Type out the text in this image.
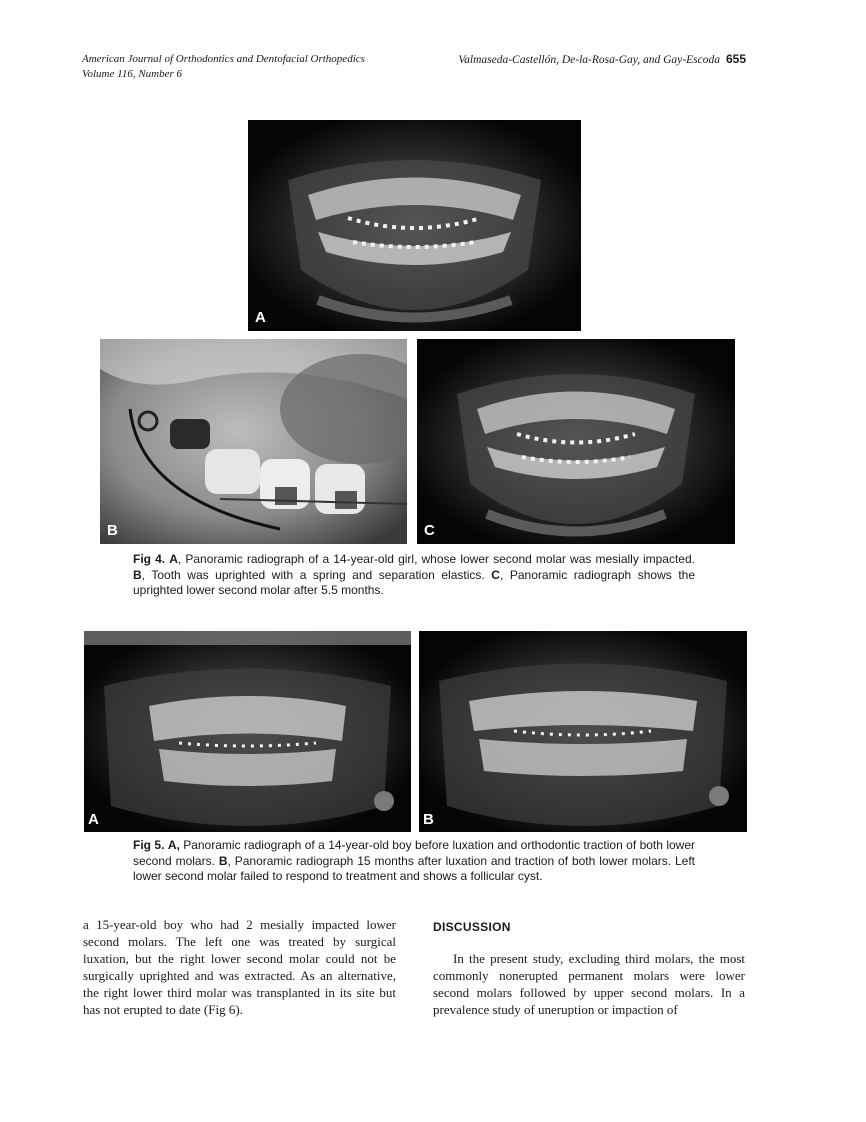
American Journal of Orthodontics and Dentofacial Orthopedics
Volume 116, Number 6
Valmaseda-Castellón, De-la-Rosa-Gay, and Gay-Escoda 655
A
B	C
Fig 4. A, Panoramic radiograph of a 14-year-old girl, whose lower second molar was mesially impacted. B, Tooth was uprighted with a spring and separation elastics. C, Panoramic radiograph shows the uprighted lower second molar after 5.5 months.
A	B
Fig 5. A, Panoramic radiograph of a 14-year-old boy before luxation and orthodontic traction of both lower second molars. B, Panoramic radiograph 15 months after luxation and traction of both lower molars. Left lower second molar failed to respond to treatment and shows a follicular cyst.

a 15-year-old boy who had 2 mesially impacted lower second molars. The left one was treated by surgical luxation, but the right lower second molar could not be surgically uprighted and was extracted. As an alternative, the right lower third molar was transplanted in its site but has not erupted to date (Fig 6).

DISCUSSION

In the present study, excluding third molars, the most commonly nonerupted permanent molars were lower second molars followed by upper second molars. In a prevalence study of uneruption or impaction of
